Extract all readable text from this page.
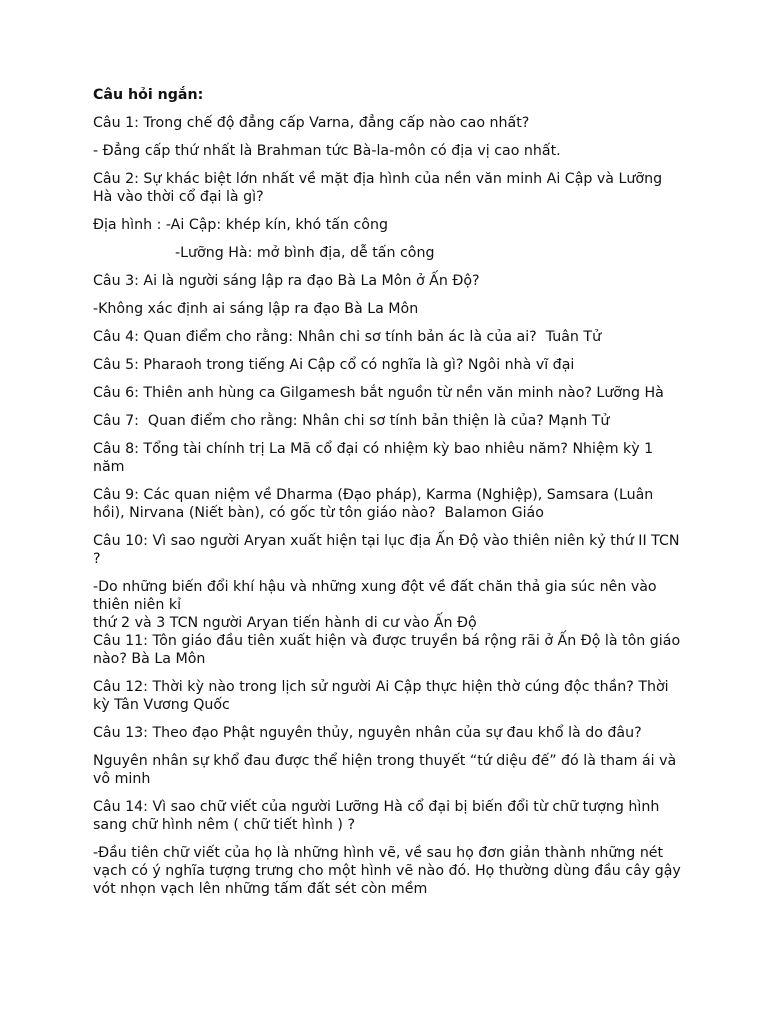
Câu hỏi ngắn:
Câu 1: Trong chế độ đẳng cấp Varna, đẳng cấp nào cao nhất?
- Đẳng cấp thứ nhất là Brahman tức Bà-la-môn có địa vị cao nhất.
Câu 2: Sự khác biệt lớn nhất về mặt địa hình của nền văn minh Ai Cập và Lưỡng Hà vào thời cổ đại là gì?
Địa hình : -Ai Cập: khép kín, khó tấn công
-Lưỡng Hà: mở bình địa, dễ tấn công
Câu 3: Ai là người sáng lập ra đạo Bà La Môn ở Ấn Độ?
-Không xác định ai sáng lập ra đạo Bà La Môn
Câu 4: Quan điểm cho rằng: Nhân chi sơ tính bản ác là của ai?  Tuân Tử
Câu 5: Pharaoh trong tiếng Ai Cập cổ có nghĩa là gì? Ngôi nhà vĩ đại
Câu 6: Thiên anh hùng ca Gilgamesh bắt nguồn từ nền văn minh nào? Lưỡng Hà
Câu 7:  Quan điểm cho rằng: Nhân chi sơ tính bản thiện là của? Mạnh Tử
Câu 8: Tổng tài chính trị La Mã cổ đại có nhiệm kỳ bao nhiêu năm? Nhiệm kỳ 1 năm
Câu 9: Các quan niệm về Dharma (Đạo pháp), Karma (Nghiệp), Samsara (Luân hồi), Nirvana (Niết bàn), có gốc từ tôn giáo nào?  Balamon Giáo
Câu 10: Vì sao người Aryan xuất hiện tại lục địa Ấn Độ vào thiên niên kỷ thứ II TCN ?
-Do những biến đổi khí hậu và những xung đột về đất chăn thả gia súc nên vào thiên niên kỉ
thứ 2 và 3 TCN người Aryan tiến hành di cư vào Ấn Độ
Câu 11: Tôn giáo đầu tiên xuất hiện và được truyền bá rộng rãi ở Ấn Độ là tôn giáo nào? Bà La Môn
Câu 12: Thời kỳ nào trong lịch sử người Ai Cập thực hiện thờ cúng độc thần? Thời kỳ Tân Vương Quốc
Câu 13: Theo đạo Phật nguyên thủy, nguyên nhân của sự đau khổ là do đâu?
Nguyên nhân sự khổ đau được thể hiện trong thuyết “tứ diệu đế” đó là tham ái và vô minh
Câu 14: Vì sao chữ viết của người Lưỡng Hà cổ đại bị biến đổi từ chữ tượng hình sang chữ hình nêm ( chữ tiết hình ) ?
-Đầu tiên chữ viết của họ là những hình vẽ, về sau họ đơn giản thành những nét vạch có ý nghĩa tượng trưng cho một hình vẽ nào đó. Họ thường dùng đầu cây gậy vót nhọn vạch lên những tấm đất sét còn mềm
